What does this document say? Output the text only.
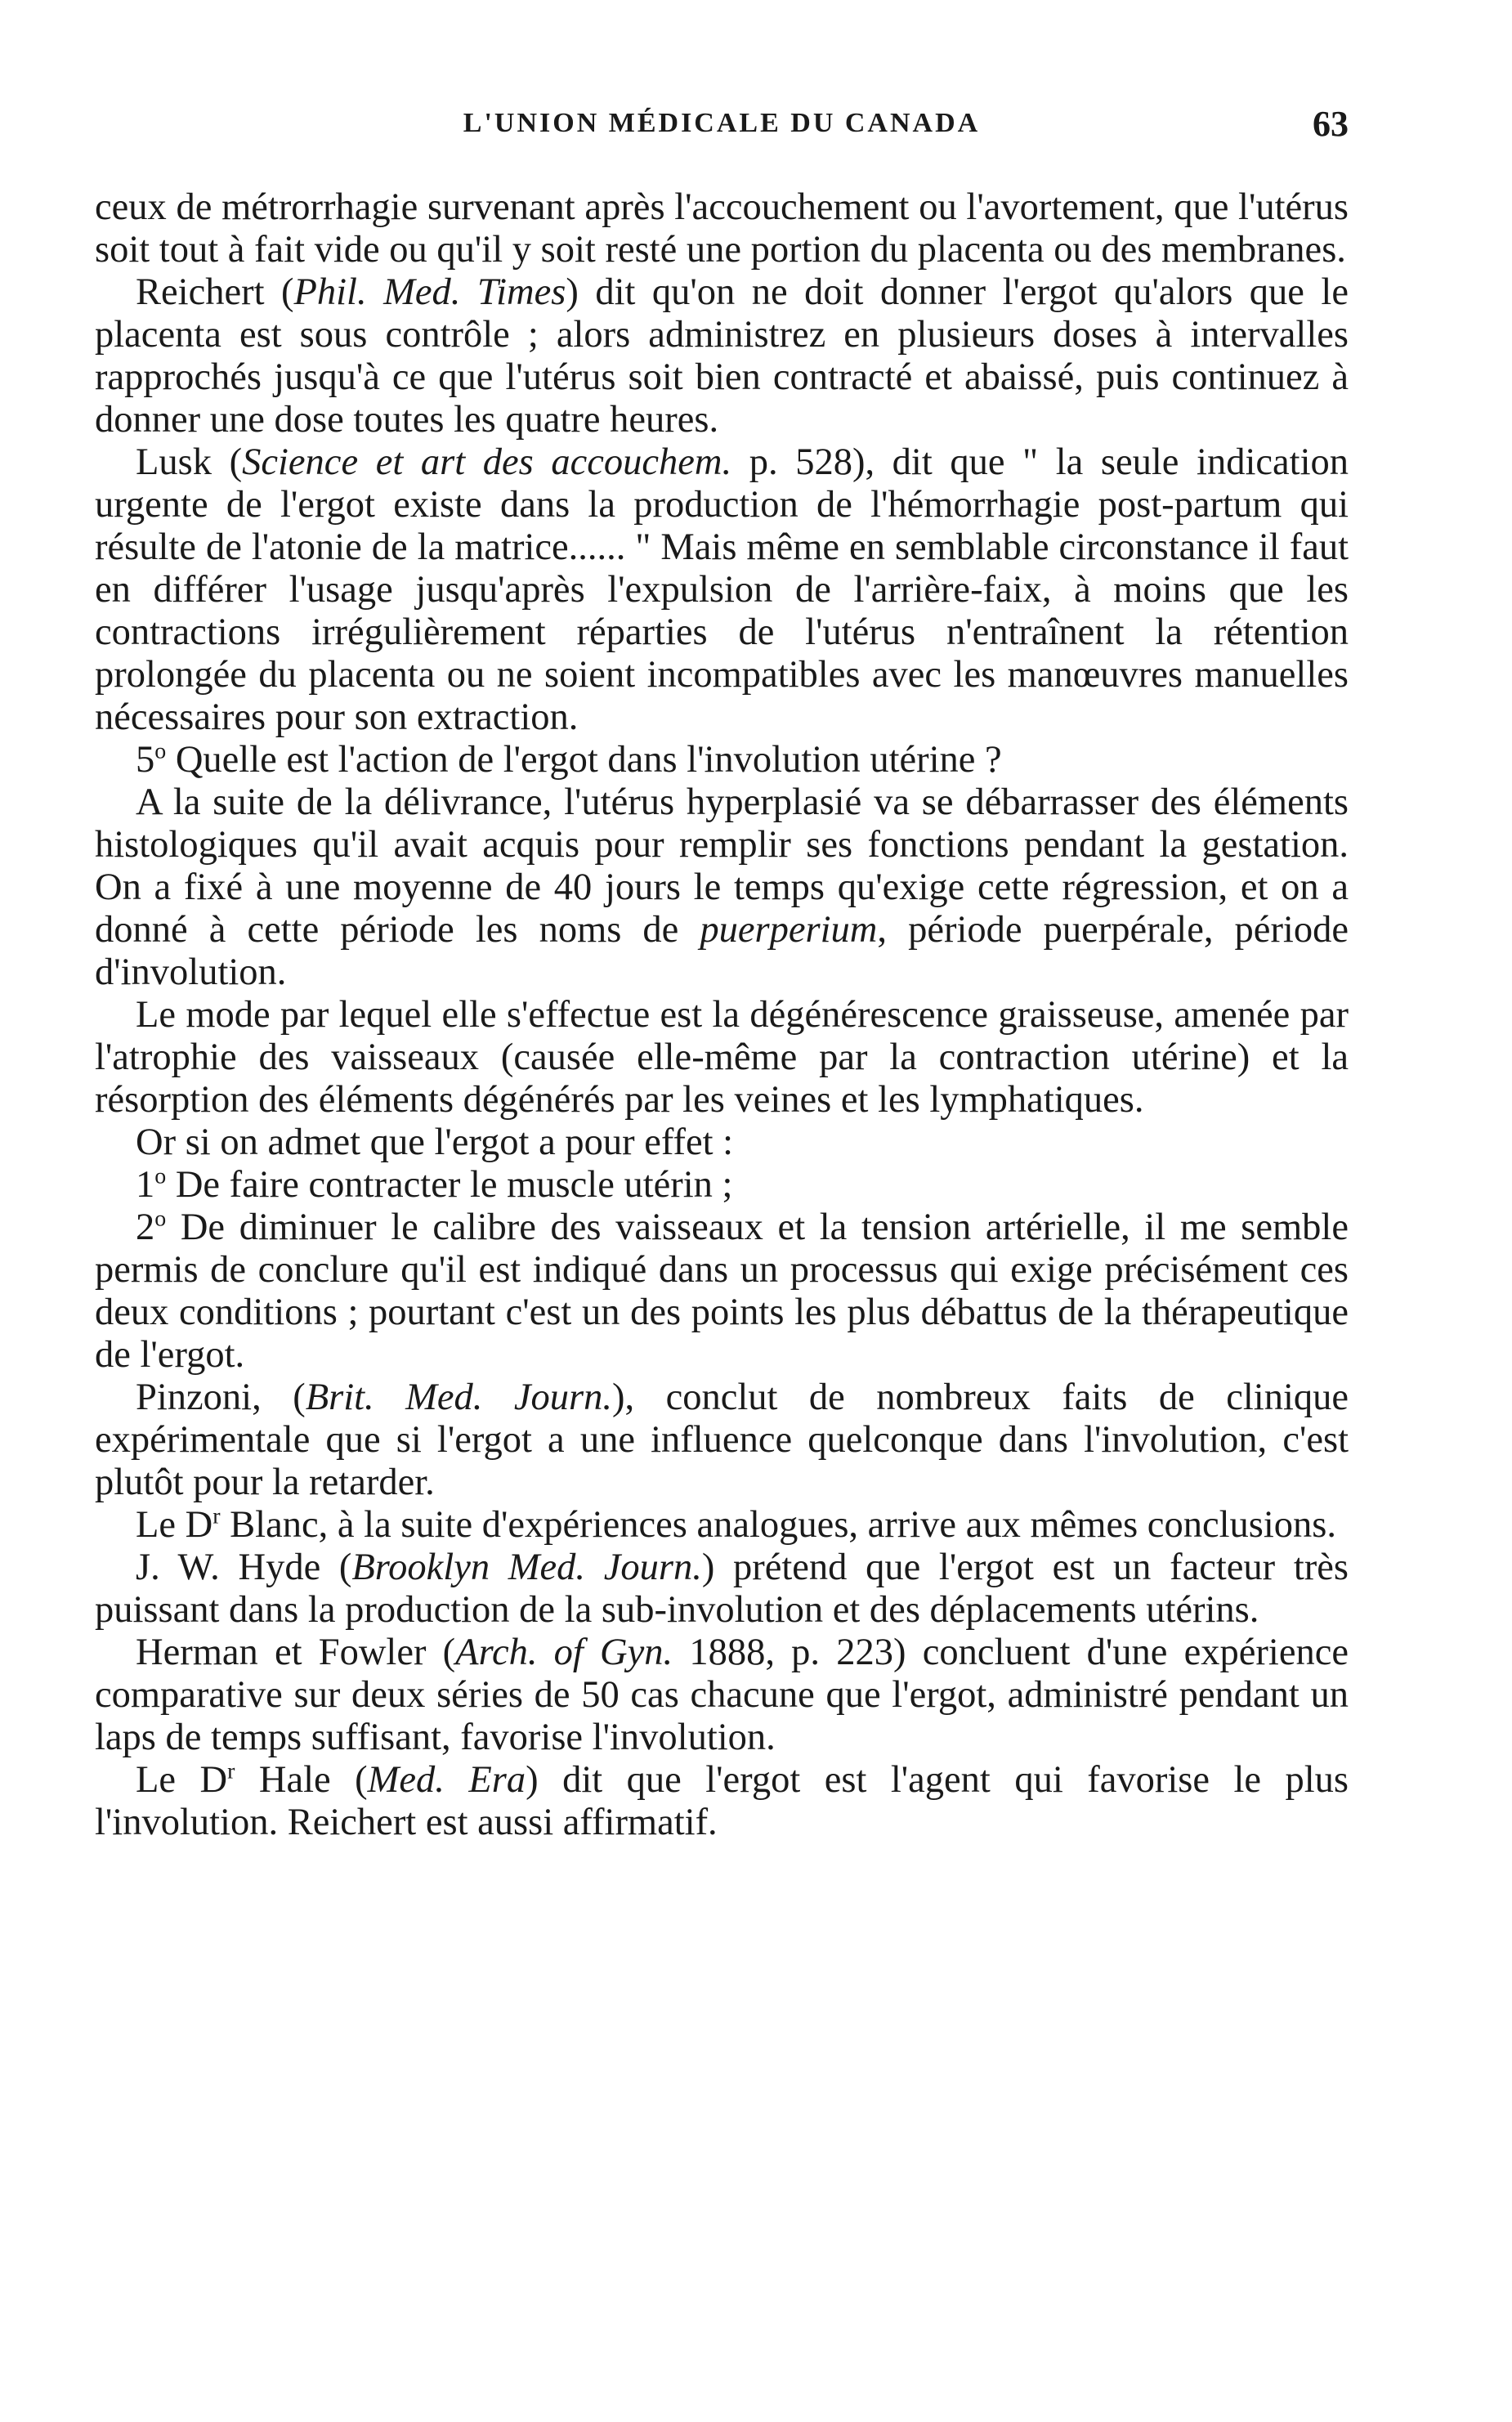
L'UNION MÉDICALE DU CANADA	63

ceux de métrorrhagie survenant après l'accouchement ou l'avortement, que l'utérus soit tout à fait vide ou qu'il y soit resté une portion du placenta ou des membranes.

Reichert (Phil. Med. Times) dit qu'on ne doit donner l'ergot qu'alors que le placenta est sous contrôle ; alors administrez en plusieurs doses à intervalles rapprochés jusqu'à ce que l'utérus soit bien contracté et abaissé, puis continuez à donner une dose toutes les quatre heures.

Lusk (Science et art des accouchem. p. 528), dit que " la seule indication urgente de l'ergot existe dans la production de l'hémorrhagie post-partum qui résulte de l'atonie de la matrice...... " Mais même en semblable circonstance il faut en différer l'usage jusqu'après l'expulsion de l'arrière-faix, à moins que les contractions irrégulièrement réparties de l'utérus n'entraînent la rétention prolongée du placenta ou ne soient incompatibles avec les manœuvres manuelles nécessaires pour son extraction.

5$^o$ Quelle est l'action de l'ergot dans l'involution utérine ?

A la suite de la délivrance, l'utérus hyperplasié va se débarrasser des éléments histologiques qu'il avait acquis pour remplir ses fonctions pendant la gestation. On a fixé à une moyenne de 40 jours le temps qu'exige cette régression, et on a donné à cette période les noms de puerperium, période puerpérale, période d'involution.

Le mode par lequel elle s'effectue est la dégénérescence graisseuse, amenée par l'atrophie des vaisseaux (causée elle-même par la contraction utérine) et la résorption des éléments dégénérés par les veines et les lymphatiques.

Or si on admet que l'ergot a pour effet :

1$^o$ De faire contracter le muscle utérin ;

2$^o$ De diminuer le calibre des vaisseaux et la tension artérielle, il me semble permis de conclure qu'il est indiqué dans un processus qui exige précisément ces deux conditions ; pourtant c'est un des points les plus débattus de la thérapeutique de l'ergot.

Pinzoni, (Brit. Med. Journ.), conclut de nombreux faits de clinique expérimentale que si l'ergot a une influence quelconque dans l'involution, c'est plutôt pour la retarder.

Le $D^r$ Blanc, à la suite d'expériences analogues, arrive aux mêmes conclusions.

J. W. Hyde (Brooklyn Med. Journ.) prétend que l'ergot est un facteur très puissant dans la production de la sub-involution et des déplacements utérins.

Herman et Fowler (Arch. of Gyn. 1888, p. 223) concluent d'une expérience comparative sur deux séries de 50 cas chacune que l'ergot, administré pendant un laps de temps suffisant, favorise l'involution.

Le $D^r$ Hale (Med. Era) dit que l'ergot est l'agent qui favorise le plus l'involution. Reichert est aussi affirmatif.
